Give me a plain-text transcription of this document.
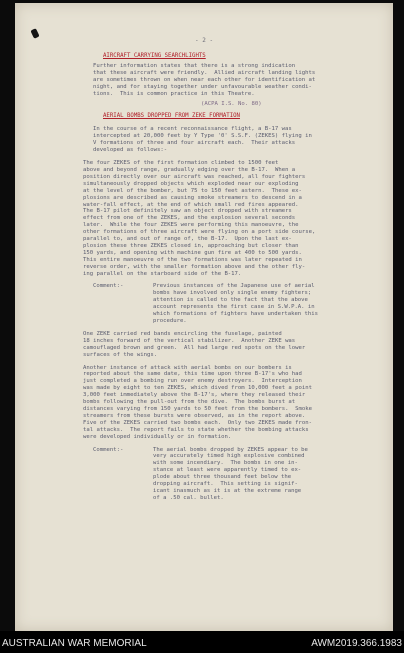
- 2 -
AIRCRAFT CARRYING SEARCHLIGHTS
Further information states that there is a strong indication
that these aircraft were friendly.  Allied aircraft landing lights
are sometimes thrown on when near each other for identification at
night, and for staying together under unfavourable weather condi-
tions.  This is common practice in this Theatre.
(ACPA I.S. No. 80)
AERIAL BOMBS DROPPED FROM ZEKE FORMATION
In the course of a recent reconnaissance flight, a B-17 was
intercepted at 20,000 feet by Y Type '0' S.S.F. (ZEKES) flying in
V formations of three and four aircraft each.  Their attacks
developed as follows:-
The four ZEKES of the first formation climbed to 1500 feet
above and beyond range, gradually edging over the B-17.  When a
position directly over our aircraft was reached, all four fighters
simultaneously dropped objects which exploded near our exploding
at the level of the bomber, but 75 to 150 feet astern.  These ex-
plosions are described as causing smoke streamers to descend in a
water-fall effect, at the end of which small red fires appeared.
The B-17 pilot definitely saw an object dropped with streamers
effect from one of the ZEKES, and the explosion several seconds
later.  While the four ZEKES were performing this manoeuvre, the
other formations of three aircraft were flying on a port side course,
parallel to, and out of range of, the B-17.  Upon the last ex-
plosion these three ZEKES closed in, approaching but closer than
150 yards, and opening with machine gun fire at 400 to 500 yards.
This entire manoeuvre of the two formations was later repeated in
reverse order, with the smaller formation above and the other fly-
ing parallel on the starboard side of the B-17.
Comment:-	Previous instances of the Japanese use of aerial
bombs have involved only single enemy fighters;
attention is called to the fact that the above
account represents the first case in S.W.P.A. in
which formations of fighters have undertaken this
procedure.
One ZEKE carried red bands encircling the fuselage, painted
18 inches forward of the vertical stabilizer.  Another ZEKE was
camouflaged brown and green.  All had large red spots on the lower
surfaces of the wings.
Another instance of attack with aerial bombs on our bombers is
reported about the same date, this time upon three B-17's who had
just completed a bombing run over enemy destroyers.  Interception
was made by eight to ten ZEKES, which dived from 10,000 feet a point
3,000 feet immediately above the B-17's, where they released their
bombs following the pull-out from the dive.  The bombs burst at
distances varying from 150 yards to 50 feet from the bombers.  Smoke
streamers from these bursts were observed, as in the report above.
Five of the ZEKES carried two bombs each.  Only two ZEKES made fron-
tal attacks.  The report fails to state whether the bombing attacks
were developed individually or in formation.
Comment:-	The aerial bombs dropped by ZEKES appear to be
very accurately timed high explosive combined
with some incendiary.  The bombs in one in-
stance at least were apparently timed to ex-
plode about three thousand feet below the
dropping aircraft.  This setting is signif-
icant inasmuch as it is at the extreme range
of a .50 cal. bullet.
AUSTRALIAN WAR MEMORIAL	AWM2019.366.1983
